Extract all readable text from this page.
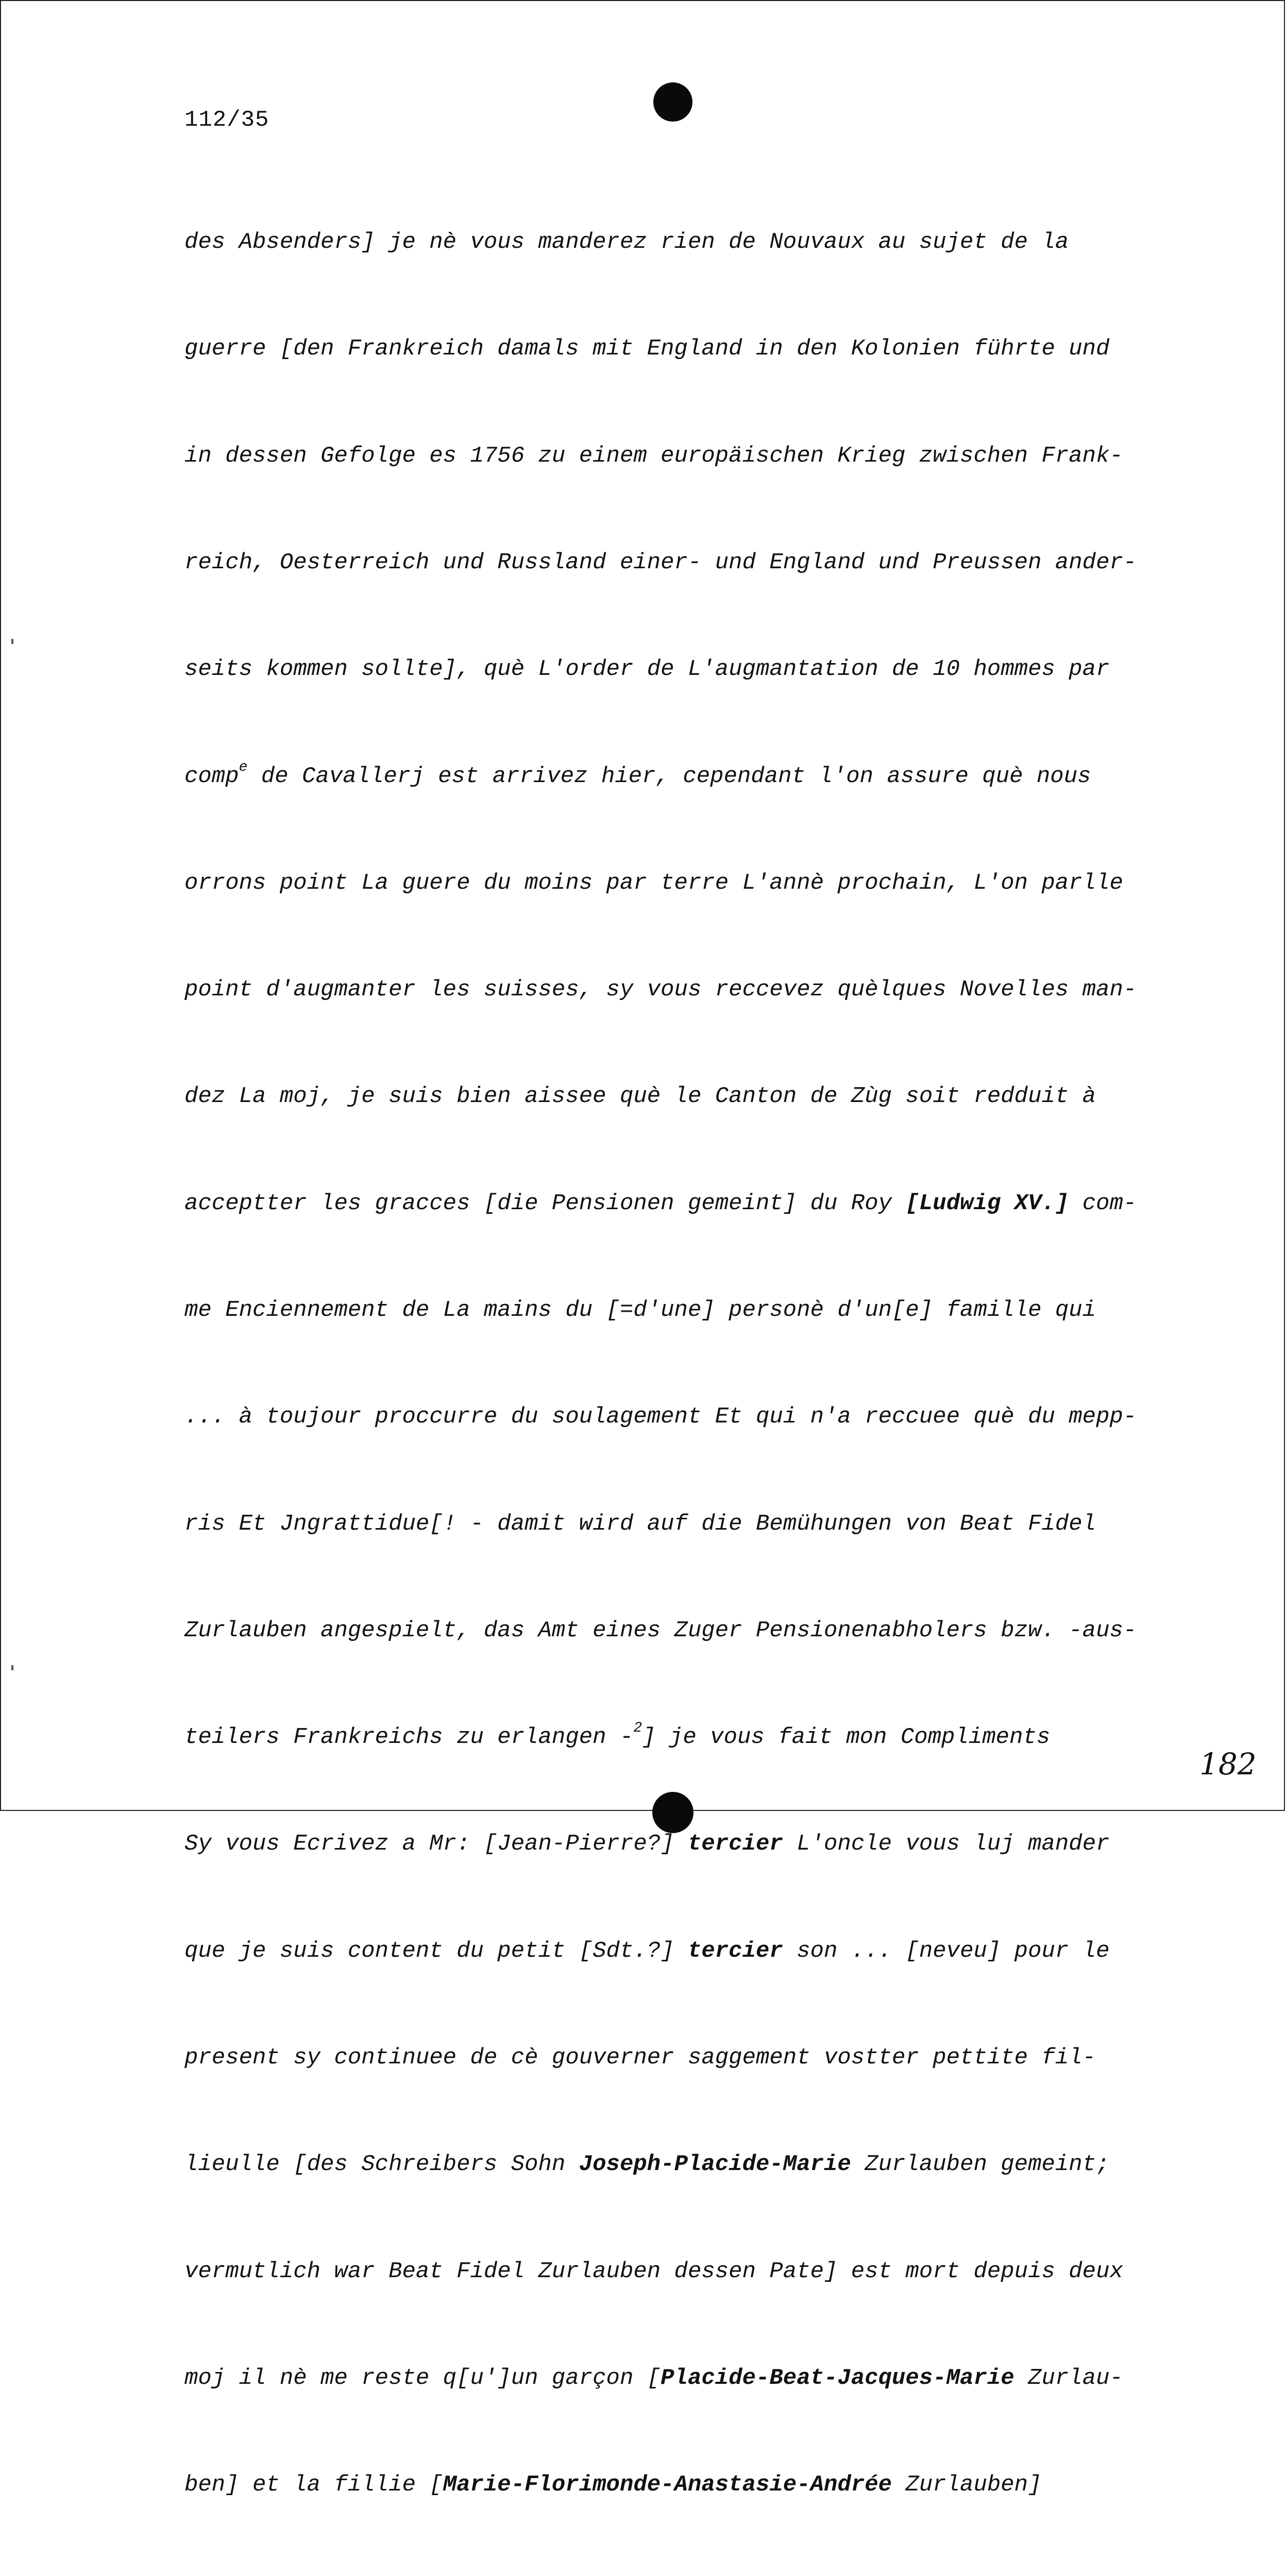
112/35

des Absenders] je nè vous manderez rien de Nouvaux au sujet de la

guerre [den Frankreich damals mit England in den Kolonien führte und

in dessen Gefolge es 1756 zu einem europäischen Krieg zwischen Frank-

reich, Oesterreich und Russland einer- und England und Preussen ander-

seits kommen sollte], què L'order de L'augmantation de 10 hommes par

comp$^e$ de Cavallerj est arrivez hier, cependant l'on assure què nous

orrons point La guere du moins par terre L'annè prochain, L'on parlle

point d'augmanter les suisses, sy vous reccevez quèlques Novelles man-

dez La moj, je suis bien aissee què le Canton de Zùg soit redduit à

acceptter les gracces [die Pensionen gemeint] du Roy [Ludwig XV.] com-

me Enciennement de La mains du [=d'une] personè d'un[e] famille qui

... à toujour proccurre du soulagement Et qui n'a reccuee què du mepp-

ris Et Jngrattidue[! - damit wird auf die Bemühungen von Beat Fidel

Zurlauben angespielt, das Amt eines Zuger Pensionenabholers bzw. -aus-

teilers Frankreichs zu erlangen -$^2$] je vous fait mon Compliments

Sy vous Ecrivez a Mr: [Jean-Pierre?] tercier L'oncle vous luj mander

que je suis content du petit [Sdt.?] tercier son ... [neveu] pour le

present sy continuee de cè gouverner saggement vostter pettite fil-

lieulle [des Schreibers Sohn Joseph-Placide-Marie Zurlauben gemeint;

vermutlich war Beat Fidel Zurlauben dessen Pate] est mort depuis deux

moj il nè me reste q[u']un garçon [Placide-Beat-Jacques-Marie Zurlau-

ben] et la fillie [Marie-Florimonde-Anastasie-Andrée Zurlauben]

182
